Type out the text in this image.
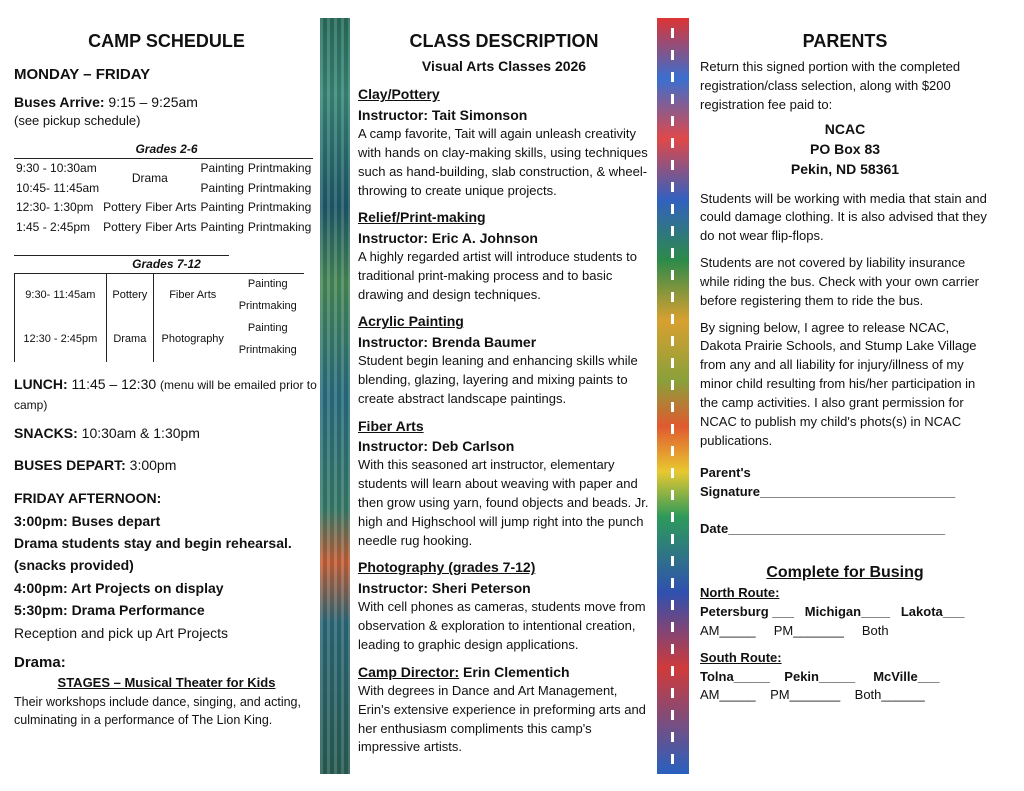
CAMP SCHEDULE
MONDAY – FRIDAY
Buses Arrive: 9:15 – 9:25am
(see pickup schedule)
Grades 2-6
9:30 - 10:30am	Drama		Painting	Printmaking
10:45- 11:45am			Painting	Printmaking
12:30- 1:30pm	Pottery	Fiber Arts	Painting	Printmaking
1:45 - 2:45pm	Pottery	Fiber Arts	Painting	Printmaking
Grades 7-12
9:30- 11:45am	Pottery	Fiber Arts	Painting
Printmaking

12:30 - 2:45pm	Drama	Photography	Painting
Printmaking
LUNCH: 11:45 – 12:30 (menu will be emailed prior to camp)
SNACKS: 10:30am & 1:30pm
BUSES DEPART: 3:00pm
FRIDAY AFTERNOON:
3:00pm: Buses depart
Drama students stay and begin rehearsal.
(snacks provided)
4:00pm: Art Projects on display
5:30pm: Drama Performance
Reception and pick up Art Projects
Drama:
STAGES – Musical Theater for Kids
Their workshops include dance, singing, and acting, culminating in a performance of The Lion King.
CLASS DESCRIPTION
Visual Arts Classes 2026
Clay/Pottery
Instructor: Tait Simonson
A camp favorite, Tait will again unleash creativity with hands on clay-making skills, using techniques such as hand-building, slab construction, & wheel-throwing to create unique projects.
Relief/Print-making
Instructor: Eric A. Johnson
A highly regarded artist will introduce students to traditional print-making process and to basic drawing and design techniques.
Acrylic Painting
Instructor: Brenda Baumer
Student begin leaning and enhancing skills while blending, glazing, layering and mixing paints to create abstract landscape paintings.
Fiber Arts
Instructor: Deb Carlson
With this seasoned art instructor, elementary students will learn about weaving with paper and then grow using yarn, found objects and beads. Jr. high and Highschool will jump right into the punch needle rug hooking.
Photography (grades 7-12)
Instructor: Sheri Peterson
With cell phones as cameras, students move from observation & exploration to intentional creation, leading to graphic design applications.
Camp Director: Erin Clementich
With degrees in Dance and Art Management, Erin's extensive experience in preforming arts and her enthusiasm compliments this camp's impressive artists.
PARENTS

Return this signed portion with the completed registration/class selection, along with $200 registration fee paid to:

NCAC
PO Box 83
Pekin, ND 58361

Students will be working with media that stain and could damage clothing. It is also advised that they do not wear flip-flops.

Students are not covered by liability insurance while riding the bus. Check with your own carrier before registering them to ride the bus.

By signing below, I agree to release NCAC, Dakota Prairie Schools, and Stump Lake Village from any and all liability for injury/illness of my minor child resulting from his/her participation in the camp activities. I also grant permission for NCAC to publish my child's phots(s) in NCAC publications.

Parent's
Signature___________________________
Date______________________________
Complete for Busing
North Route:
Petersburg ___   Michigan____   Lakota___
AM_____     PM_______     Both
South Route:
Tolna_____    Pekin_____     McVille___
AM_____    PM_______    Both______
